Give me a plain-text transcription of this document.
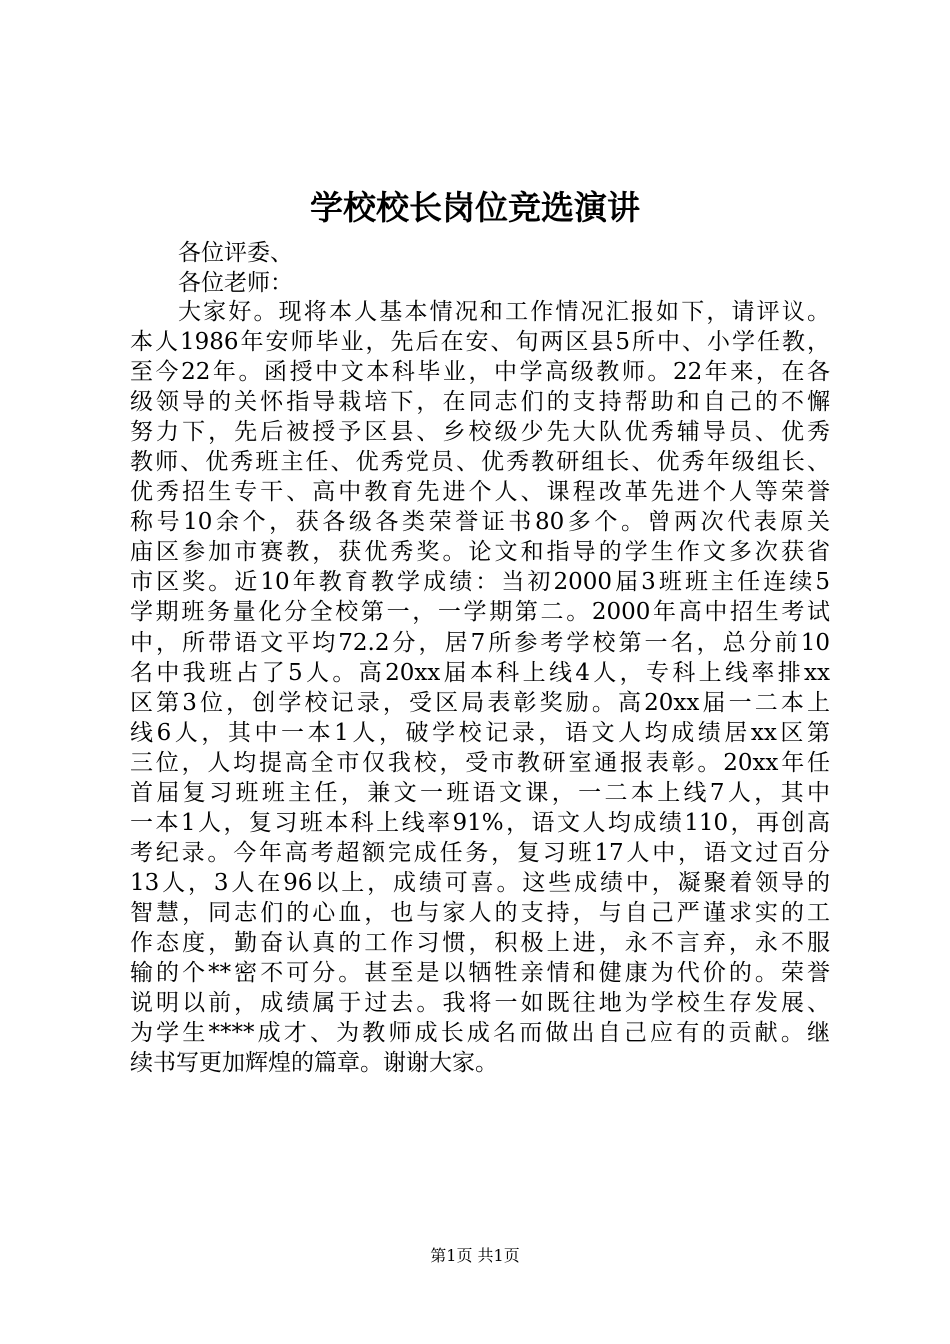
学校校长岗位竞选演讲

各位评委、

各位老师：

大家好。现将本人基本情况和工作情况汇报如下，请评议。
本人1986年安师毕业，先后在安、旬两区县5所中、小学任教，
至今22年。函授中文本科毕业，中学高级教师。22年来，在各
级领导的关怀指导栽培下，在同志们的支持帮助和自己的不懈
努力下，先后被授予区县、乡校级少先大队优秀辅导员、优秀
教师、优秀班主任、优秀党员、优秀教研组长、优秀年级组长、
优秀招生专干、高中教育先进个人、课程改革先进个人等荣誉
称号10余个，获各级各类荣誉证书80多个。曾两次代表原关
庙区参加市赛教，获优秀奖。论文和指导的学生作文多次获省
市区奖。近10年教育教学成绩：当初2000届3班班主任连续5
学期班务量化分全校第一，一学期第二。2000年高中招生考试
中，所带语文平均72.2分，居7所参考学校第一名，总分前10
名中我班占了5人。高20xx届本科上线4人，专科上线率排xx
区第3位，创学校记录，受区局表彰奖励。高20xx届一二本上
线6人，其中一本1人，破学校记录，语文人均成绩居xx区第
三位，人均提高全市仅我校，受市教研室通报表彰。20xx年任
首届复习班班主任，兼文一班语文课，一二本上线7人，其中
一本1人，复习班本科上线率91%，语文人均成绩110，再创高
考纪录。今年高考超额完成任务，复习班17人中，语文过百分
13人，3人在96以上，成绩可喜。这些成绩中，凝聚着领导的
智慧，同志们的心血，也与家人的支持，与自己严谨求实的工
作态度，勤奋认真的工作习惯，积极上进，永不言弃，永不服
输的个**密不可分。甚至是以牺牲亲情和健康为代价的。荣誉
说明以前，成绩属于过去。我将一如既往地为学校生存发展、
为学生****成才、为教师成长成名而做出自己应有的贡献。继
续书写更加辉煌的篇章。谢谢大家。

第1页 共1页
